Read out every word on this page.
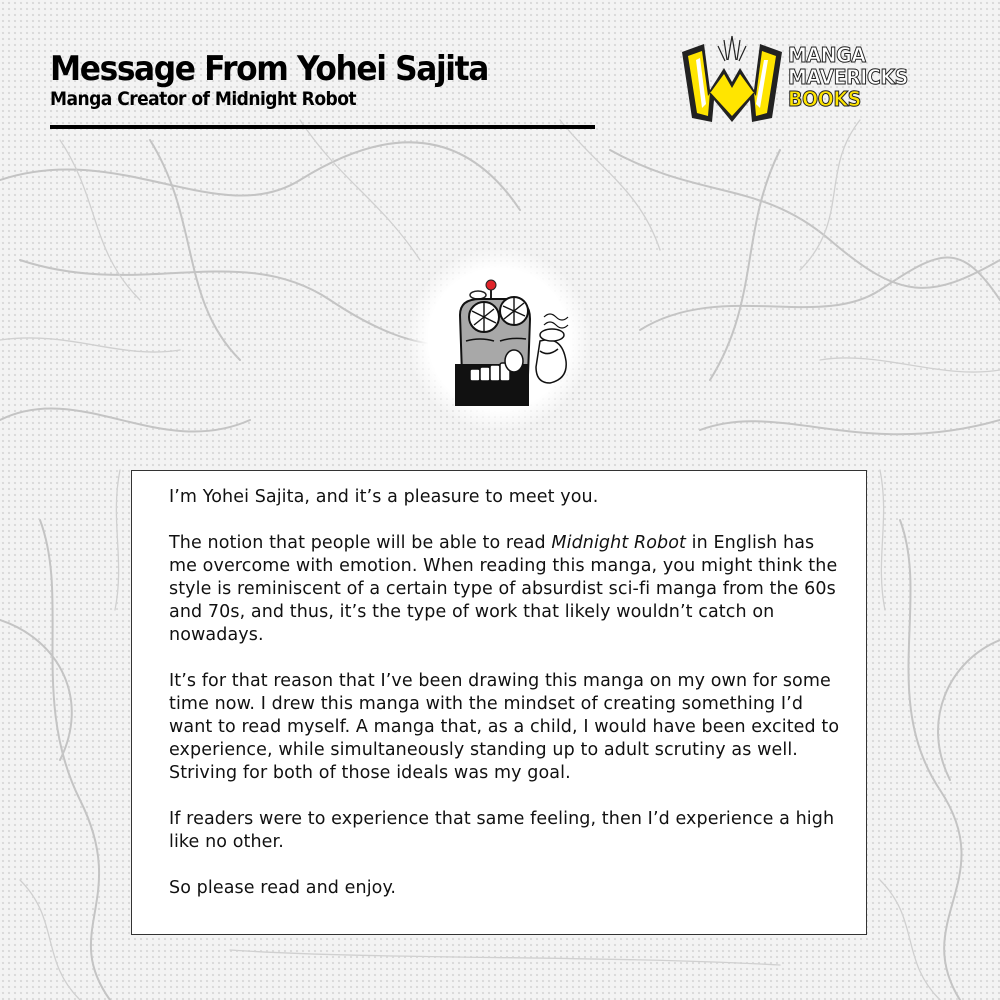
Message From Yohei Sajita
Manga Creator of Midnight Robot
MANGA
MAVERICKS
BOOKS

I’m Yohei Sajita, and it’s a pleasure to meet you.

The notion that people will be able to read Midnight Robot in English has me overcome with emotion. When reading this manga, you might think the style is reminiscent of a certain type of absurdist sci-fi manga from the 60s and 70s, and thus, it’s the type of work that likely wouldn’t catch on nowadays.

It’s for that reason that I’ve been drawing this manga on my own for some time now. I drew this manga with the mindset of creating something I’d want to read myself. A manga that, as a child, I would have been excited to experience, while simultaneously standing up to adult scrutiny as well. Striving for both of those ideals was my goal.

If readers were to experience that same feeling, then I’d experience a high like no other.

So please read and enjoy.
